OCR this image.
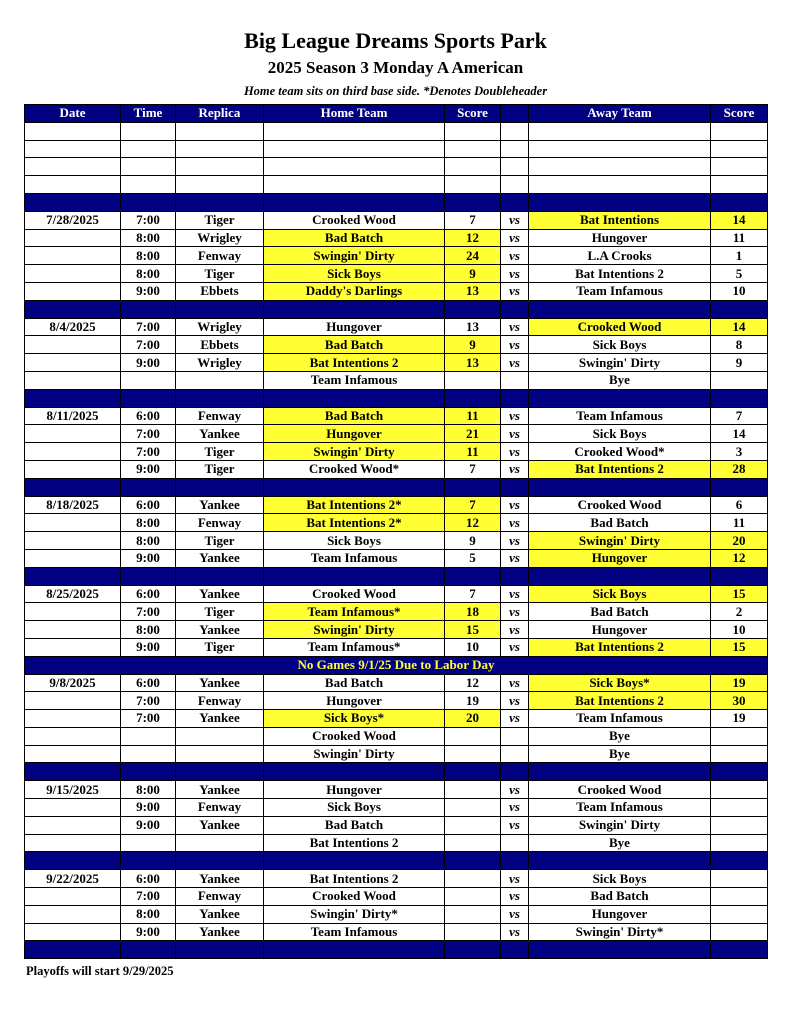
Big League Dreams Sports Park
2025 Season 3 Monday A American
Home team sits on third base side. *Denotes Doubleheader
Date	Time	Replica	Home Team	Score		Away Team	Score

7/28/2025	7:00	Tiger	Crooked Wood	7	vs	Bat Intentions	14
	8:00	Wrigley	Bad Batch	12	vs	Hungover	11
	8:00	Fenway	Swingin' Dirty	24	vs	L.A Crooks	1
	8:00	Tiger	Sick Boys	9	vs	Bat Intentions 2	5
	9:00	Ebbets	Daddy's Darlings	13	vs	Team Infamous	10

8/4/2025	7:00	Wrigley	Hungover	13	vs	Crooked Wood	14
	7:00	Ebbets	Bad Batch	9	vs	Sick Boys	8
	9:00	Wrigley	Bat Intentions 2	13	vs	Swingin' Dirty	9
			Team Infamous			Bye	

8/11/2025	6:00	Fenway	Bad Batch	11	vs	Team Infamous	7
	7:00	Yankee	Hungover	21	vs	Sick Boys	14
	7:00	Tiger	Swingin' Dirty	11	vs	Crooked Wood*	3
	9:00	Tiger	Crooked Wood*	7	vs	Bat Intentions 2	28

8/18/2025	6:00	Yankee	Bat Intentions 2*	7	vs	Crooked Wood	6
	8:00	Fenway	Bat Intentions 2*	12	vs	Bad Batch	11
	8:00	Tiger	Sick Boys	9	vs	Swingin' Dirty	20
	9:00	Yankee	Team Infamous	5	vs	Hungover	12

8/25/2025	6:00	Yankee	Crooked Wood	7	vs	Sick Boys	15
	7:00	Tiger	Team Infamous*	18	vs	Bad Batch	2
	8:00	Yankee	Swingin' Dirty	15	vs	Hungover	10
	9:00	Tiger	Team Infamous*	10	vs	Bat Intentions 2	15
No Games 9/1/25 Due to Labor Day							
9/8/2025	6:00	Yankee	Bad Batch	12	vs	Sick Boys*	19
	7:00	Fenway	Hungover	19	vs	Bat Intentions 2	30
	7:00	Yankee	Sick Boys*	20	vs	Team Infamous	19
			Crooked Wood			Bye	
			Swingin' Dirty			Bye	

9/15/2025	8:00	Yankee	Hungover		vs	Crooked Wood	
	9:00	Fenway	Sick Boys		vs	Team Infamous	
	9:00	Yankee	Bad Batch		vs	Swingin' Dirty	
			Bat Intentions 2			Bye	

9/22/2025	6:00	Yankee	Bat Intentions 2		vs	Sick Boys	
	7:00	Fenway	Crooked Wood		vs	Bad Batch	
	8:00	Yankee	Swingin' Dirty*		vs	Hungover	
	9:00	Yankee	Team Infamous		vs	Swingin' Dirty*	

Playoffs will start 9/29/2025
